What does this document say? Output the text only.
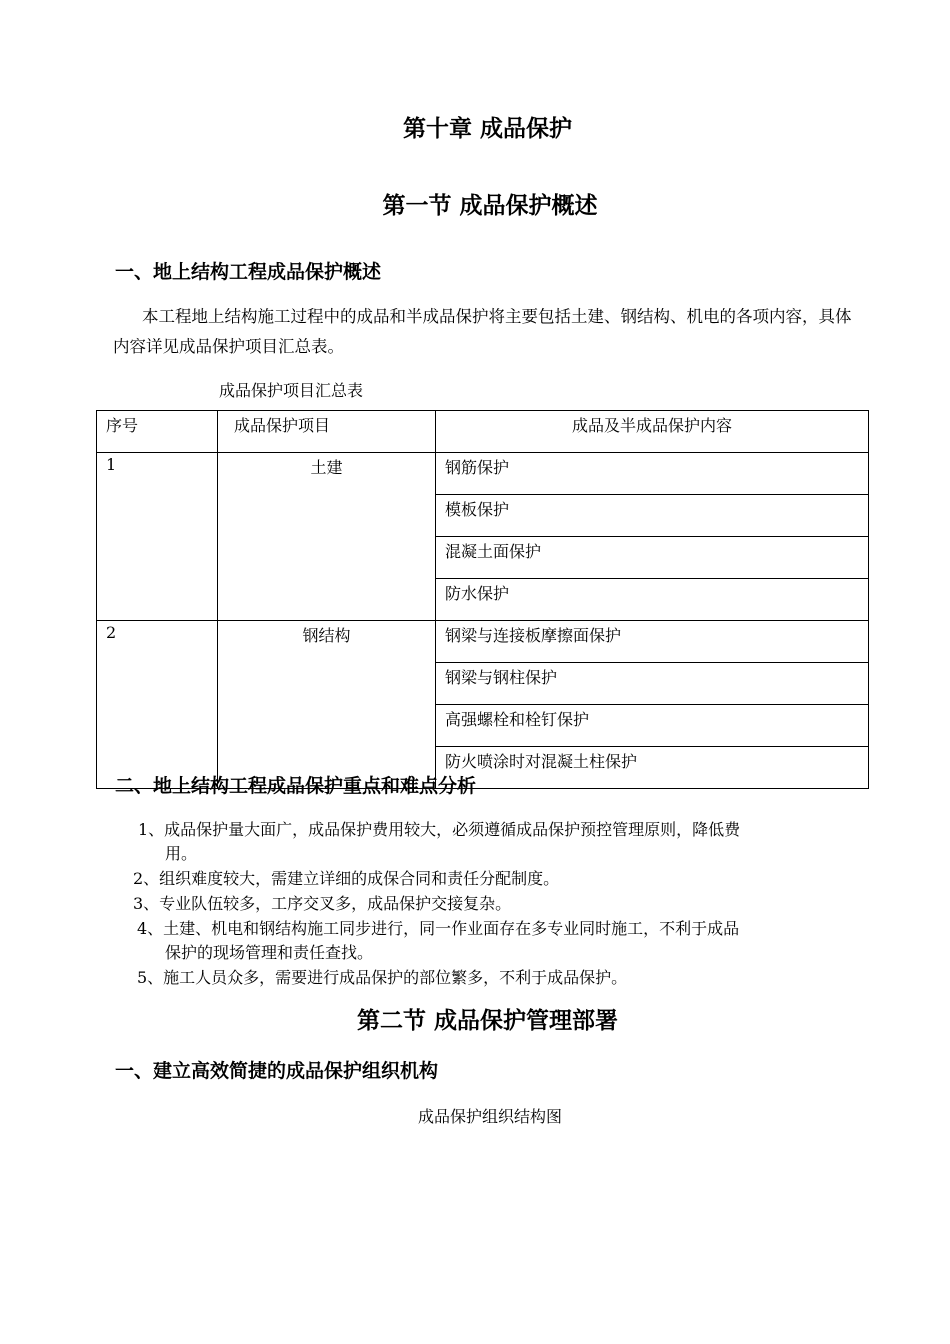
第十章 成品保护
第一节 成品保护概述
一、地上结构工程成品保护概述
本工程地上结构施工过程中的成品和半成品保护将主要包括土建、钢结构、机电的各项内容，具体内容详见成品保护项目汇总表。
成品保护项目汇总表
序号	成品保护项目	成品及半成品保护内容
1	土建	钢筋保护
		模板保护
		混凝土面保护
		防水保护
2	钢结构	钢梁与连接板摩擦面保护
		钢梁与钢柱保护
		高强螺栓和栓钉保护
		防火喷涂时对混凝土柱保护
二、地上结构工程成品保护重点和难点分析
1、成品保护量大面广，成品保护费用较大，必须遵循成品保护预控管理原则，降低费
用。
2、组织难度较大，需建立详细的成保合同和责任分配制度。
3、专业队伍较多，工序交叉多，成品保护交接复杂。
4、土建、机电和钢结构施工同步进行，同一作业面存在多专业同时施工，不利于成品
保护的现场管理和责任查找。
5、施工人员众多，需要进行成品保护的部位繁多，不利于成品保护。
第二节 成品保护管理部署
一、建立高效简捷的成品保护组织机构
成品保护组织结构图
